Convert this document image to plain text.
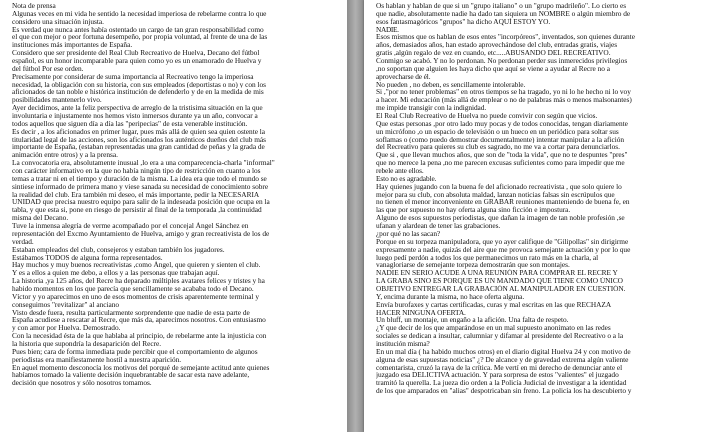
Nota de prensa
Algunas veces en mi vida he sentido la necesidad imperiosa de rebelarme contra lo que
considero una situación injusta.
Es verdad que nunca antes había ostentado un cargo de tan gran responsabilidad como
el que con mejor o peor fortuna desempeño, por propia voluntad, al frente de una de las
instituciones más importantes de España.
Considero que ser presidente del Real Club Recreativo de Huelva, Decano del fútbol
español, es un honor incomparable para quien como yo es un enamorado de Huelva y
del fútbol Por ese orden.
Precisamente por considerar de suma importancia al Recreativo tengo la imperiosa
necesidad, la obligación con su historia, con sus empleados (deportistas o no) y con los
aficionados de tan noble e histórica institución de defenderlo y de en la medida de mis
posibilidades mantenerlo vivo.
Ayer decidimos, ante la feliz perspectiva de arreglo de la tristisima situación en la que
involuntaria e injustamente nos hemos visto inmersos durante ya un año, convocar a
todos aquellos que siguen día a día las "peripecias" de esta venerable institución.
Es decir , a los aficionados en primer lugar, pues más allá de quien sea quien ostente la
titularidad legal de las acciones, son los aficionados los auténticos dueños del club más
importante de España, (estaban representadas una gran cantidad de peñas y la grada de
animación entre otros) y a la prensa.
La convocatoria era, absolutamente inusual ,lo era a una comparecencia-charla "informal"
con carácter informativo en la que no había ningún tipo de restricción en cuanto a los
temas a tratar ni en el tiempo y duración de la misma. La idea era que todo el mundo se
sintiese informado de primera mano y viese sanada su necesidad de conocimiento sobre
la realidad del club. Era también mi deseo, el más importante, pedir la NECESARIA
UNIDAD que precisa nuestro equipo para salir de la indeseada posición que ocupa en la
tabla, y que esta si, pone en riesgo de persistir al final de la temporada ,la continuidad
misma del Decano.
Tuve la inmensa alegría de verme acompañado por el concejal Ángel Sánchez en
representación del Excmo Ayuntamiento de Huelva, amigo y gran recreativista de los de
verdad.
Estaban empleados del club, consejeros y estaban también los jugadores.
Estábamos TODOS de alguna forma representados.
Hay muchos y muy buenos recreativistas ,como Ángel, que quieren y sienten el club.
Y es a ellos a quien me debo, a ellos y a las personas que trabajan aquí.
La historia ,ya 125 años, del Recre ha deparado múltiples avatares felices y tristes y ha
habido momentos en los que parecía que sencillamente se acababa todo el Decano.
Víctor y yo aparecimos en uno de esos momentos de crisis aparentemente terminal y
conseguimos "revitalizar" al anciano
Visto desde fuera, resulta particularmente sorprendente que nadie de esta parte de
España acudiese a rescatar al Recre, que más da, aparecimos nosotros. Con entusiasmo
y con amor por Huelva. Demostrado.
Con la necesidad ésta de la que hablaba al principio, de rebelarme ante la injusticia con
la historia que supondría la desaparición del Recre.
Pues bien; cara de forma inmediata pude percibir que el comportamiento de algunos
periodistas era manifiestamente hostil a nuestra aparición.
En aquel momento desconocía los motivos del porqué de semejante actitud ante quienes
habíamos tomado la valiente decisión inquebrantable de sacar esta nave adelante,
decisión que nosotros y sólo nosotros tomamos.
Os hablan y hablan de que si un "grupo italiano" o un "grupo madrileño". Lo cierto es
que nadie, absolutamente nadie ha dado tan siquiera un NOMBRE o algún miembro de
esos fantasmagóricos "grupos" ha dicho AQUÍ ESTOY YO.
NADIE.
Esos mismos que os hablan de esos entes "incorpóreos", inventados, son quienes durante
años, demasiados años, han estado aprovechándose del club, entradas gratis, viajes
gratis ,algún regalo de vez en cuando, etc.....ABUSANDO DEL RECREATIVO.
Conmigo se acabó. Y no lo perdonan. No perdonan perder sus inmerecidos privilegios
,no soportan que alguien les haya dicho que aquí se viene a ayudar al Recre no a
aprovecharse de él.
No pueden , no deben, es sencillamente intolerable.
Si ,"por no tener problemas" en otros tiempos se ha tragado, yo ni lo he hecho ni lo voy
a hacer. Mi educación (más allá de emplear o no de palabras más o menos malsonantes)
me impide transigir con la indignidad.
El Real Club Recreativo de Huelva no puede convivir con según que vicios.
Que estas personas ,por otro lado muy pocas y de todos conocidas, tengan diariamente
un micrófono ,o un espacio de televisión o un hueco en un periódico para soltar sus
soflamas o (como puedo demostrar documentalmente) intentar manipular a la afición
del Recreativo para quieres su club es sagrado, no me va a cortar para denunciarlos.
Que si , que llevan muchos años, que son de "toda la vida", que no te despuntes "pres"
que no merece la pena ,no me parecen excusas suficientes como para impedir que me
rebele ante ellos.
Esto no es agradable.
Hay quienes jugando con la buena fe del aficionado recreativista , que solo quiere lo
mejor para su club, con absoluta maldad, lanzan noticias falsas sin escrúpulos que
no tienen el menor inconveniente en GRABAR reuniones manteniendo de buena fe, en
las que por supuesto no hay oferta alguna sino ficción e impostura.
Alguno de esos supuestos periodistas, que dañan la imagen de tan noble profesión ,se
ufanan y alardean de tener las grabaciones.
¿por qué no las sacan?
Porque en su torpeza manipuladora, que yo ayer califique de "Gilipollas" sin dirigirme
expresamente a nadie, quizás del aire que me provoca semejante actuación y por lo que
luego pedí perdón a todos los que permanecimos un rato más en la charla, al
vanagloriarse de semejante torpeza demostrarán que son montajes.
NADIE EN SERIO ACUDE A UNA REUNIÓN PARA COMPRAR EL RECRE Y
LA GRABA SINO ES PORQUE ES UN MANDADO QUE TIENE COMO ÚNICO
OBJETIVO ENTREGAR LA GRABACIÓN AL MANIPULADOR EN CUESTIÓN.
Y, encima durante la misma, no hace oferta alguna.
Envía burofaxes y cartas certificadas, curas y mal escritas en las que RECHAZA
HACER NINGUNA OFERTA.
Un bluff, un montaje, un engaño a la afición. Una falta de respeto.
¿Y que decir de los que amparándose en un mal supuesto anonimato en las redes
sociales se dedican a insultar, calumniar y difamar al presidente del Recreativo o a la
institución misma?
En un mal día ( ha habido muchos otros) en el diario digital Huelva 24 y con motivo de
alguna de esas supuestas noticias" ¿? De alcance y de gravedad extrema algún valiente
comentarista, cruzó la raya de la crítica. Me vertí en mi derecho de denunciar ante el
juzgado esa DELICTIVA actuación. Y para sorpresa de estos "valientes" el juzgado
tramitó la querella. La jueza dio orden a la Policía Judicial de investigar a la identidad
de los que amparados en "alias" despotricaban sin freno. La policía los ha descubierto y
